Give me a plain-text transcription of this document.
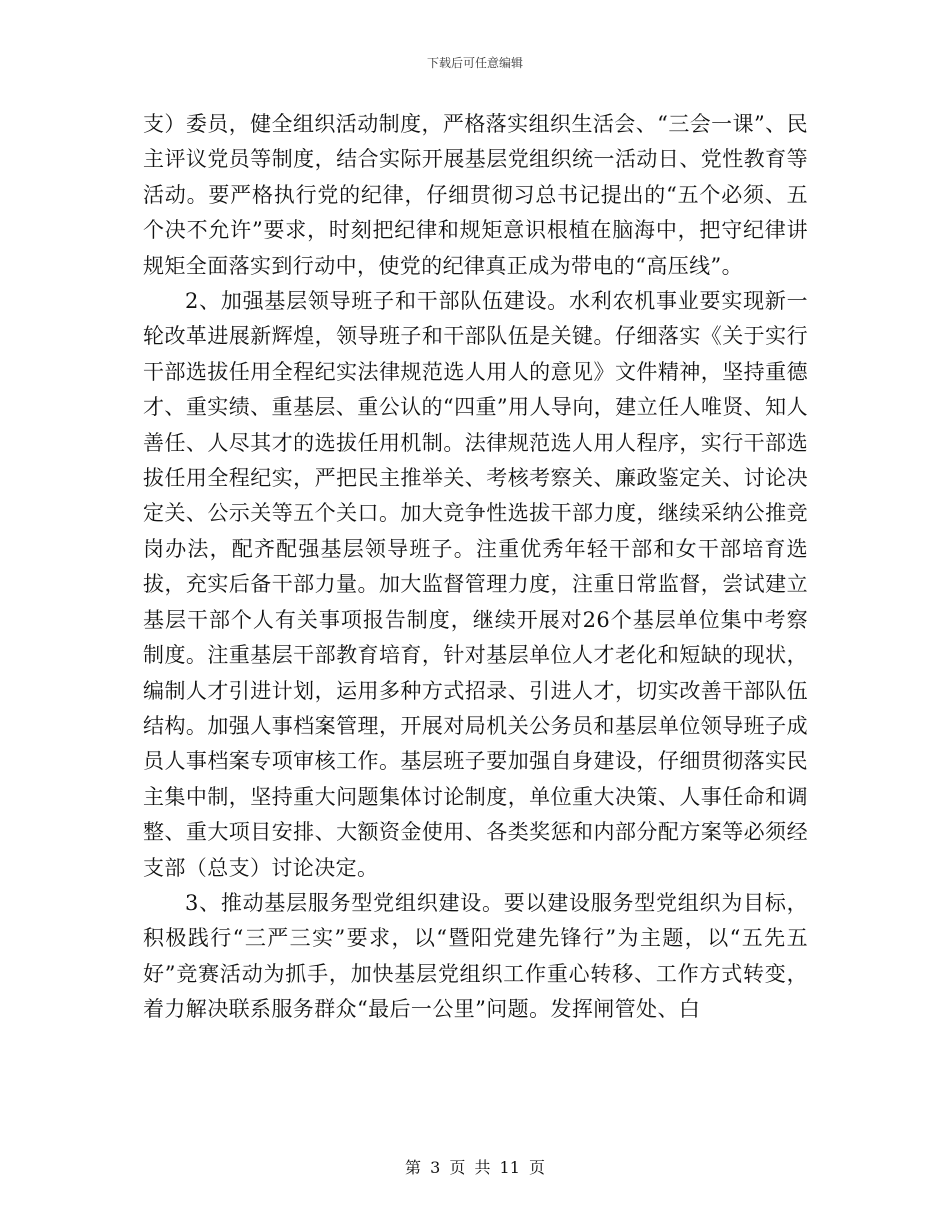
下载后可任意编辑

支）委员，健全组织活动制度，严格落实组织生活会、“三会一课”、民主评议党员等制度，结合实际开展基层党组织统一活动日、党性教育等活动。要严格执行党的纪律，仔细贯彻习总书记提出的“五个必须、五个决不允许”要求，时刻把纪律和规矩意识根植在脑海中，把守纪律讲规矩全面落实到行动中，使党的纪律真正成为带电的“高压线”。

2、加强基层领导班子和干部队伍建设。水利农机事业要实现新一轮改革进展新辉煌，领导班子和干部队伍是关键。仔细落实《关于实行干部选拔任用全程纪实法律规范选人用人的意见》文件精神，坚持重德才、重实绩、重基层、重公认的“四重”用人导向，建立任人唯贤、知人善任、人尽其才的选拔任用机制。法律规范选人用人程序，实行干部选拔任用全程纪实，严把民主推举关、考核考察关、廉政鉴定关、讨论决定关、公示关等五个关口。加大竞争性选拔干部力度，继续采纳公推竞岗办法，配齐配强基层领导班子。注重优秀年轻干部和女干部培育选拔，充实后备干部力量。加大监督管理力度，注重日常监督，尝试建立基层干部个人有关事项报告制度，继续开展对26个基层单位集中考察制度。注重基层干部教育培育，针对基层单位人才老化和短缺的现状，编制人才引进计划，运用多种方式招录、引进人才，切实改善干部队伍结构。加强人事档案管理，开展对局机关公务员和基层单位领导班子成员人事档案专项审核工作。基层班子要加强自身建设，仔细贯彻落实民主集中制，坚持重大问题集体讨论制度，单位重大决策、人事任命和调整、重大项目安排、大额资金使用、各类奖惩和内部分配方案等必须经支部（总支）讨论决定。

3、推动基层服务型党组织建设。要以建设服务型党组织为目标，积极践行“三严三实”要求，以“暨阳党建先锋行”为主题，以“五先五好”竞赛活动为抓手，加快基层党组织工作重心转移、工作方式转变，着力解决联系服务群众“最后一公里”问题。发挥闸管处、白

第 3 页 共 11 页
